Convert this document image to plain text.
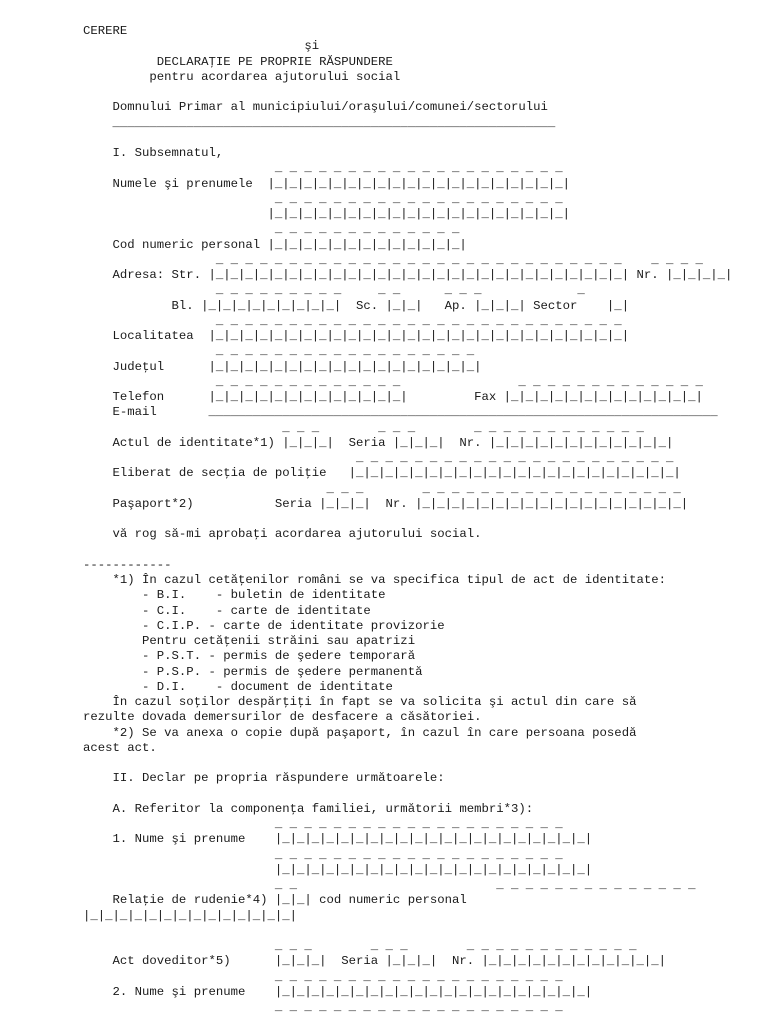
CERERE
şi
DECLARAŢIE PE PROPRIE RĂSPUNDERE
pentru acordarea ajutorului social
Domnului Primar al municipiului/oraşului/comunei/sectorului
____________________________________________________________
I. Subsemnatul,
_ _ _ _ _ _ _ _ _ _ _ _ _ _ _ _ _ _ _ _
Numele şi prenumele  |_|_|_|_|_|_|_|_|_|_|_|_|_|_|_|_|_|_|_|_|
_ _ _ _ _ _ _ _ _ _ _ _ _ _ _ _ _ _ _ _
|_|_|_|_|_|_|_|_|_|_|_|_|_|_|_|_|_|_|_|_|
_ _ _ _ _ _ _ _ _ _ _ _ _
Cod numeric personal |_|_|_|_|_|_|_|_|_|_|_|_|_|
_ _ _ _ _ _ _ _ _ _ _ _ _ _ _ _ _ _ _ _ _ _ _ _ _ _ _ _    _ _ _ _
Adresa: Str. |_|_|_|_|_|_|_|_|_|_|_|_|_|_|_|_|_|_|_|_|_|_|_|_|_|_|_|_| Nr. |_|_|_|_|
_ _ _ _ _ _ _ _ _     _ _      _ _ _             _
Bl. |_|_|_|_|_|_|_|_|_|  Sc. |_|_|   Ap. |_|_|_| Sector    |_|
_ _ _ _ _ _ _ _ _ _ _ _ _ _ _ _ _ _ _ _ _ _ _ _ _ _ _ _
Localitatea  |_|_|_|_|_|_|_|_|_|_|_|_|_|_|_|_|_|_|_|_|_|_|_|_|_|_|_|_|
_ _ _ _ _ _ _ _ _ _ _ _ _ _ _ _ _ _
Judeţul      |_|_|_|_|_|_|_|_|_|_|_|_|_|_|_|_|_|_|
_ _ _ _ _ _ _ _ _ _ _ _ _                _ _ _ _ _ _ _ _ _ _ _ _ _
Telefon      |_|_|_|_|_|_|_|_|_|_|_|_|_|         Fax |_|_|_|_|_|_|_|_|_|_|_|_|_|
E-mail       _____________________________________________________________________
_ _ _        _ _ _        _ _ _ _ _ _ _ _ _ _ _ _
Actul de identitate*1) |_|_|_|  Seria |_|_|_|  Nr. |_|_|_|_|_|_|_|_|_|_|_|_|
_ _ _ _ _ _ _ _ _ _ _ _ _ _ _ _ _ _ _ _ _ _
Eliberat de secţia de poliţie   |_|_|_|_|_|_|_|_|_|_|_|_|_|_|_|_|_|_|_|_|_|_|
_ _ _        _ _ _ _ _ _ _ _ _ _ _ _ _ _ _ _ _ _
Paşaport*2)           Seria |_|_|_|  Nr. |_|_|_|_|_|_|_|_|_|_|_|_|_|_|_|_|_|_|
vă rog să-mi aprobaţi acordarea ajutorului social.
------------
*1) În cazul cetăţenilor români se va specifica tipul de act de identitate:
- B.I.    - buletin de identitate
- C.I.    - carte de identitate
- C.I.P. - carte de identitate provizorie
Pentru cetăţenii străini sau apatrizi
- P.S.T. - permis de şedere temporară
- P.S.P. - permis de şedere permanentă
- D.I.    - document de identitate
În cazul soţilor despărţiţi în fapt se va solicita şi actul din care să
rezulte dovada demersurilor de desfacere a căsătoriei.
*2) Se va anexa o copie după paşaport, în cazul în care persoana posedă
acest act.
II. Declar pe propria răspundere următoarele:
A. Referitor la componenţa familiei, următorii membri*3):
_ _ _ _ _ _ _ _ _ _ _ _ _ _ _ _ _ _ _ _
1. Nume şi prenume    |_|_|_|_|_|_|_|_|_|_|_|_|_|_|_|_|_|_|_|_|_|
_ _ _ _ _ _ _ _ _ _ _ _ _ _ _ _ _ _ _ _
|_|_|_|_|_|_|_|_|_|_|_|_|_|_|_|_|_|_|_|_|_|
_ _                           _ _ _ _ _ _ _ _ _ _ _ _ _ _
Relaţie de rudenie*4) |_|_| cod numeric personal
|_|_|_|_|_|_|_|_|_|_|_|_|_|_|
_ _ _        _ _ _        _ _ _ _ _ _ _ _ _ _ _ _
Act doveditor*5)      |_|_|_|  Seria |_|_|_|  Nr. |_|_|_|_|_|_|_|_|_|_|_|_|
_ _ _ _ _ _ _ _ _ _ _ _ _ _ _ _ _ _ _ _
2. Nume şi prenume    |_|_|_|_|_|_|_|_|_|_|_|_|_|_|_|_|_|_|_|_|_|
_ _ _ _ _ _ _ _ _ _ _ _ _ _ _ _ _ _ _ _
